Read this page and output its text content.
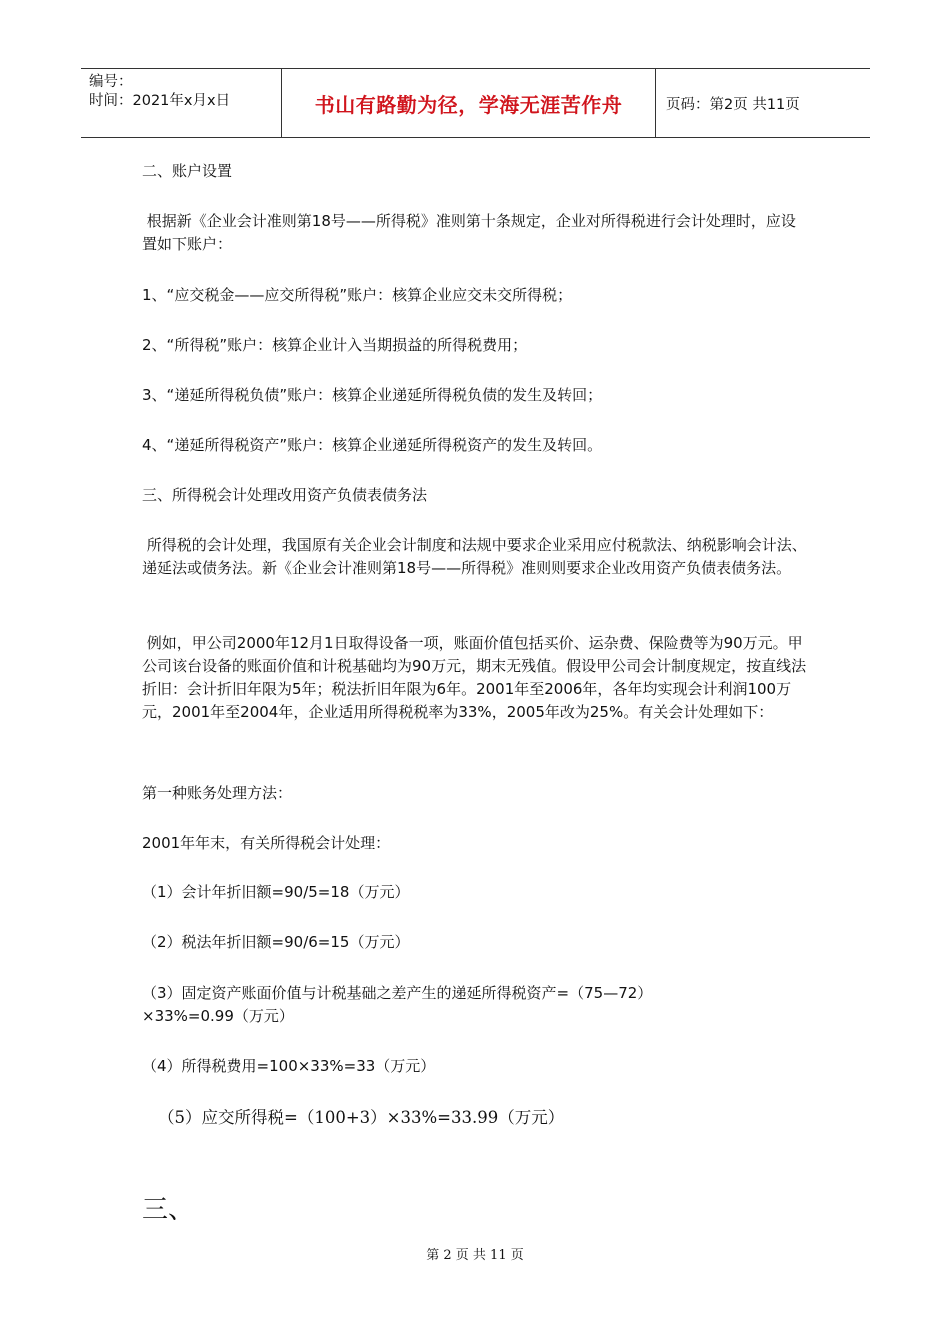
编号：
时间：2021年x月x日	书山有路勤为径，学海无涯苦作舟	页码：第2页 共11页
二、账户设置
根据新《企业会计准则第18号——所得税》准则第十条规定，企业对所得税进行会计处理时，应设置如下账户：
1、“应交税金——应交所得税”账户：核算企业应交未交所得税；
2、“所得税”账户：核算企业计入当期损益的所得税费用；
3、“递延所得税负债”账户：核算企业递延所得税负债的发生及转回；
4、“递延所得税资产”账户：核算企业递延所得税资产的发生及转回。
三、所得税会计处理改用资产负债表债务法
所得税的会计处理，我国原有关企业会计制度和法规中要求企业采用应付税款法、纳税影响会计法、递延法或债务法。新《企业会计准则第18号——所得税》准则则要求企业改用资产负债表债务法。
例如，甲公司2000年12月1日取得设备一项，账面价值包括买价、运杂费、保险费等为90万元。甲公司该台设备的账面价值和计税基础均为90万元，期末无残值。假设甲公司会计制度规定，按直线法折旧：会计折旧年限为5年；税法折旧年限为6年。2001年至2006年，各年均实现会计利润100万元，2001年至2004年，企业适用所得税税率为33%，2005年改为25%。有关会计处理如下：
第一种账务处理方法：
2001年年末，有关所得税会计处理：
（1）会计年折旧额=90/5=18（万元）
（2）税法年折旧额=90/6=15（万元）
（3）固定资产账面价值与计税基础之差产生的递延所得税资产=（75—72）×33%=0.99（万元）
（4）所得税费用=100×33%=33（万元）
（5）应交所得税=（100+3）×33%=33.99（万元）
三、
第 2 页 共 11 页
